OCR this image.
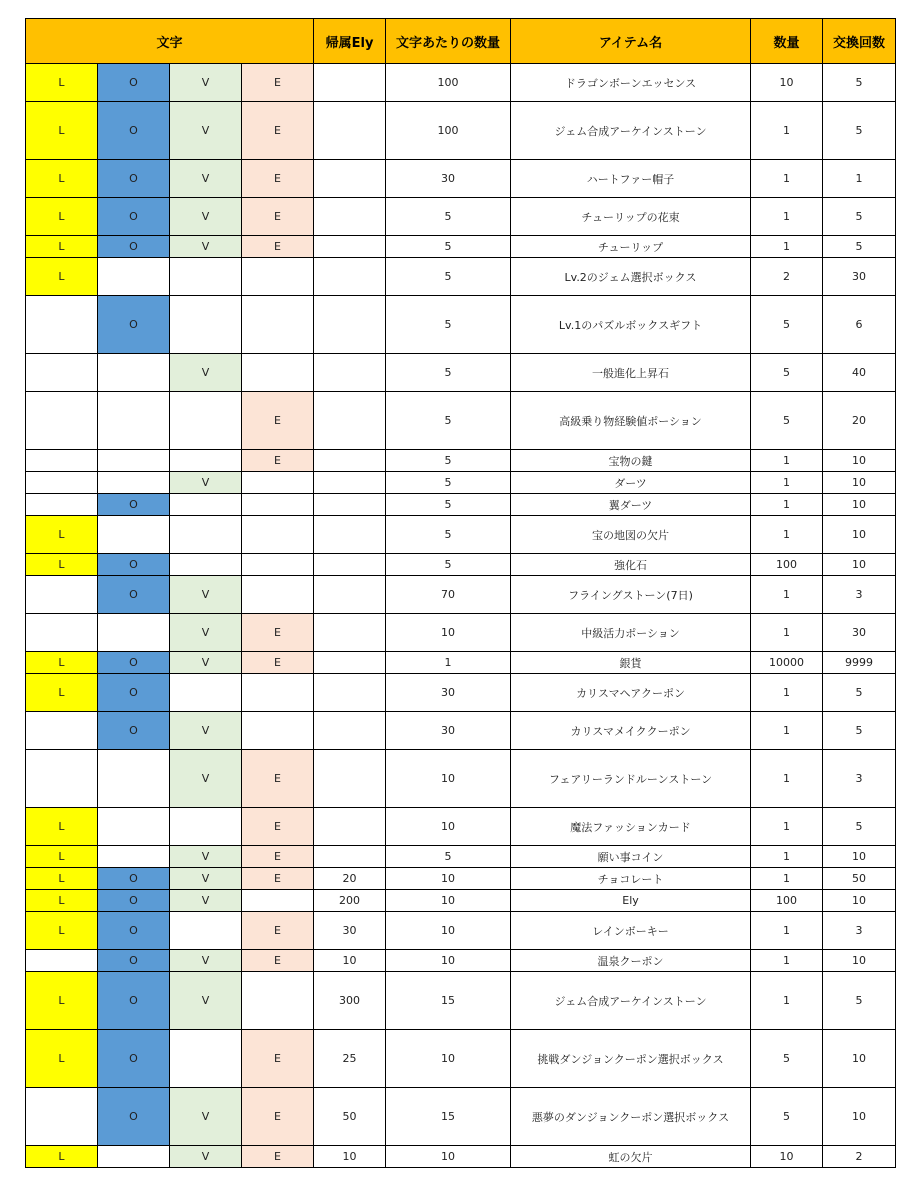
文字				帰属Ely	文字あたりの数量	アイテム名	数量	交換回数
L	O	V	E		100	ドラゴンボーンエッセンス	10	5
L	O	V	E		100	ジェム合成アーケインストーン	1	5
L	O	V	E		30	ハートファー帽子	1	1
L	O	V	E		5	チューリップの花束	1	5
L	O	V	E		5	チューリップ	1	5
L					5	Lv.2のジェム選択ボックス	2	30
	O				5	Lv.1のパズルボックスギフト	5	6
		V			5	一般進化上昇石	5	40
			E		5	高級乗り物経験値ポーション	5	20
			E		5	宝物の鍵	1	10
		V			5	ダーツ	1	10
	O				5	翼ダーツ	1	10
L					5	宝の地図の欠片	1	10
L	O				5	強化石	100	10
	O	V			70	フライングストーン(7日)	1	3
		V	E		10	中級活力ポーション	1	30
L	O	V	E		1	銀貨	10000	9999
L	O				30	カリスマヘアクーポン	1	5
	O	V			30	カリスマメイククーポン	1	5
		V	E		10	フェアリーランドルーンストーン	1	3
L			E		10	魔法ファッションカード	1	5
L		V	E		5	願い事コイン	1	10
L	O	V	E	20	10	チョコレート	1	50
L	O	V		200	10	Ely	100	10
L	O		E	30	10	レインボーキー	1	3
	O	V	E	10	10	温泉クーポン	1	10
L	O	V		300	15	ジェム合成アーケインストーン	1	5
L	O		E	25	10	挑戦ダンジョンクーポン選択ボックス	5	10
	O	V	E	50	15	悪夢のダンジョンクーポン選択ボックス	5	10
L		V	E	10	10	虹の欠片	10	2
